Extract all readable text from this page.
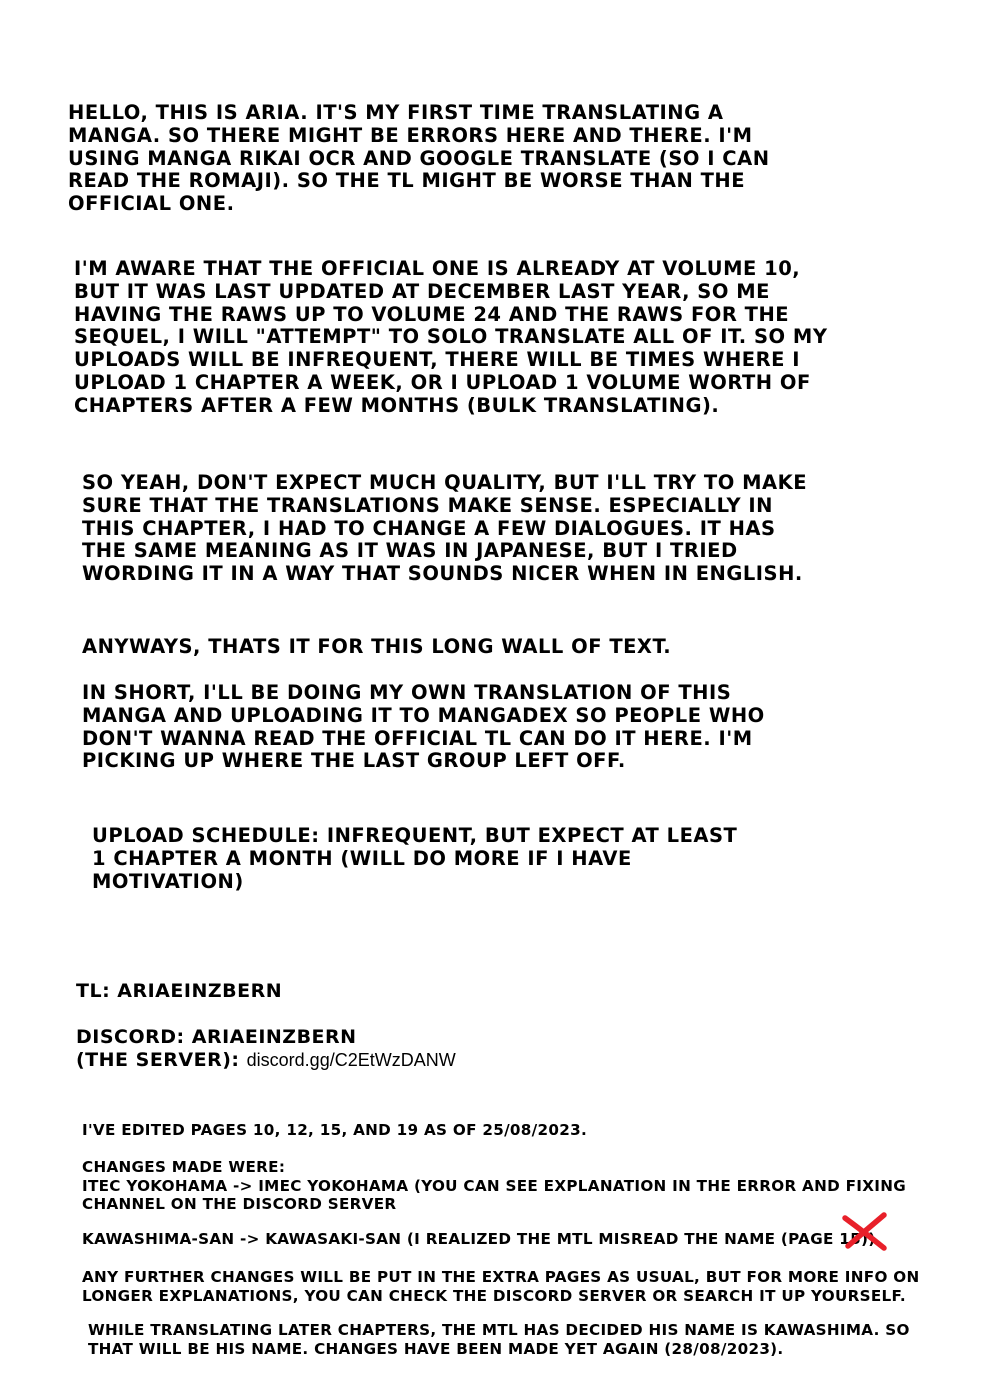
HELLO, THIS IS ARIA. IT'S MY FIRST TIME TRANSLATING A
MANGA. SO THERE MIGHT BE ERRORS HERE AND THERE. I'M
USING MANGA RIKAI OCR AND GOOGLE TRANSLATE (SO I CAN
READ THE ROMAJI). SO THE TL MIGHT BE WORSE THAN THE
OFFICIAL ONE.
I'M AWARE THAT THE OFFICIAL ONE IS ALREADY AT VOLUME 10,
BUT IT WAS LAST UPDATED AT DECEMBER LAST YEAR, SO ME
HAVING THE RAWS UP TO VOLUME 24 AND THE RAWS FOR THE
SEQUEL, I WILL "ATTEMPT" TO SOLO TRANSLATE ALL OF IT. SO MY
UPLOADS WILL BE INFREQUENT, THERE WILL BE TIMES WHERE I
UPLOAD 1 CHAPTER A WEEK, OR I UPLOAD 1 VOLUME WORTH OF
CHAPTERS AFTER A FEW MONTHS (BULK TRANSLATING).
SO YEAH, DON'T EXPECT MUCH QUALITY, BUT I'LL TRY TO MAKE
SURE THAT THE TRANSLATIONS MAKE SENSE. ESPECIALLY IN
THIS CHAPTER, I HAD TO CHANGE A FEW DIALOGUES. IT HAS
THE SAME MEANING AS IT WAS IN JAPANESE, BUT I TRIED
WORDING IT IN A WAY THAT SOUNDS NICER WHEN IN ENGLISH.
ANYWAYS, THATS IT FOR THIS LONG WALL OF TEXT.
IN SHORT, I'LL BE DOING MY OWN TRANSLATION OF THIS
MANGA AND UPLOADING IT TO MANGADEX SO PEOPLE WHO
DON'T WANNA READ THE OFFICIAL TL CAN DO IT HERE. I'M
PICKING UP WHERE THE LAST GROUP LEFT OFF.
UPLOAD SCHEDULE: INFREQUENT, BUT EXPECT AT LEAST
1 CHAPTER A MONTH (WILL DO MORE IF I HAVE
MOTIVATION)
TL: ARIAEINZBERN
DISCORD: ARIAEINZBERN
(THE SERVER): discord.gg/C2EtWzDANW
I'VE EDITED PAGES 10, 12, 15, AND 19 AS OF 25/08/2023.
CHANGES MADE WERE:
ITEC YOKOHAMA -> IMEC YOKOHAMA (YOU CAN SEE EXPLANATION IN THE ERROR AND FIXING
CHANNEL ON THE DISCORD SERVER
KAWASHIMA-SAN -> KAWASAKI-SAN (I REALIZED THE MTL MISREAD THE NAME (PAGE 15))
ANY FURTHER CHANGES WILL BE PUT IN THE EXTRA PAGES AS USUAL, BUT FOR MORE INFO ON
LONGER EXPLANATIONS, YOU CAN CHECK THE DISCORD SERVER OR SEARCH IT UP YOURSELF.
WHILE TRANSLATING LATER CHAPTERS, THE MTL HAS DECIDED HIS NAME IS KAWASHIMA. SO
THAT WILL BE HIS NAME. CHANGES HAVE BEEN MADE YET AGAIN (28/08/2023).
